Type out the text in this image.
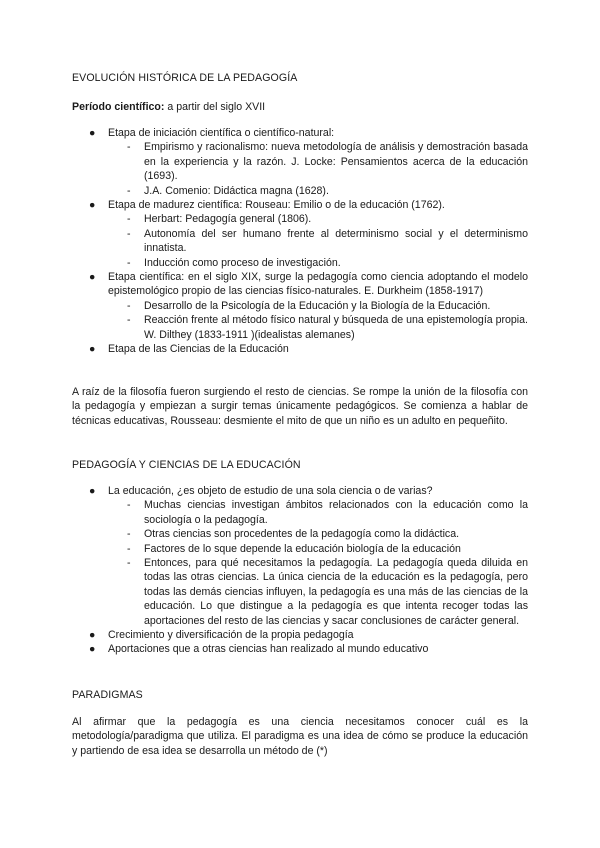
EVOLUCIÓN HISTÓRICA DE LA PEDAGOGÍA
Período científico: a partir del siglo XVII
● Etapa de iniciación científica o científico-natural:
- Empirismo y racionalismo: nueva metodología de análisis y demostración basada en la experiencia y la razón. J. Locke: Pensamientos acerca de la educación (1693).
- J.A. Comenio: Didáctica magna (1628).
● Etapa de madurez científica: Rouseau: Emilio o de la educación (1762).
- Herbart: Pedagogía general (1806).
- Autonomía del ser humano frente al determinismo social y el determinismo innatista.
- Inducción como proceso de investigación.
● Etapa científica: en el siglo XIX, surge la pedagogía como ciencia adoptando el modelo epistemológico propio de las ciencias físico-naturales. E. Durkheim (1858-1917)
- Desarrollo de la Psicología de la Educación y la Biología de la Educación.
- Reacción frente al método físico natural y búsqueda de una epistemología propia. W. Dilthey (1833-1911 )(idealistas alemanes)
● Etapa de las Ciencias de la Educación
A raíz de la filosofía fueron surgiendo el resto de ciencias. Se rompe la unión de la filosofía con la pedagogía y empiezan a surgir temas únicamente pedagógicos. Se comienza a hablar de técnicas educativas, Rousseau: desmiente el mito de que un niño es un adulto en pequeñito.
PEDAGOGÍA Y CIENCIAS DE LA EDUCACIÓN
● La educación, ¿es objeto de estudio de una sola ciencia o de varias?
- Muchas ciencias investigan ámbitos relacionados con la educación como la sociología o la pedagogía.
- Otras ciencias son procedentes de la pedagogía como la didáctica.
- Factores de lo sque depende la educación biología de la educación
- Entonces, para qué necesitamos la pedagogía. La pedagogía queda diluida en todas las otras ciencias. La única ciencia de la educación es la pedagogía, pero todas las demás ciencias influyen, la pedagogía es una más de las ciencias de la educación. Lo que distingue a la pedagogía es que intenta recoger todas las aportaciones del resto de las ciencias y sacar conclusiones de carácter general.
● Crecimiento y diversificación de la propia pedagogía
● Aportaciones que a otras ciencias han realizado al mundo educativo
PARADIGMAS
Al afirmar que la pedagogía es una ciencia necesitamos conocer cuál es la metodología/paradigma que utiliza. El paradigma es una idea de cómo se produce la educación y partiendo de esa idea se desarrolla un método de (*)
